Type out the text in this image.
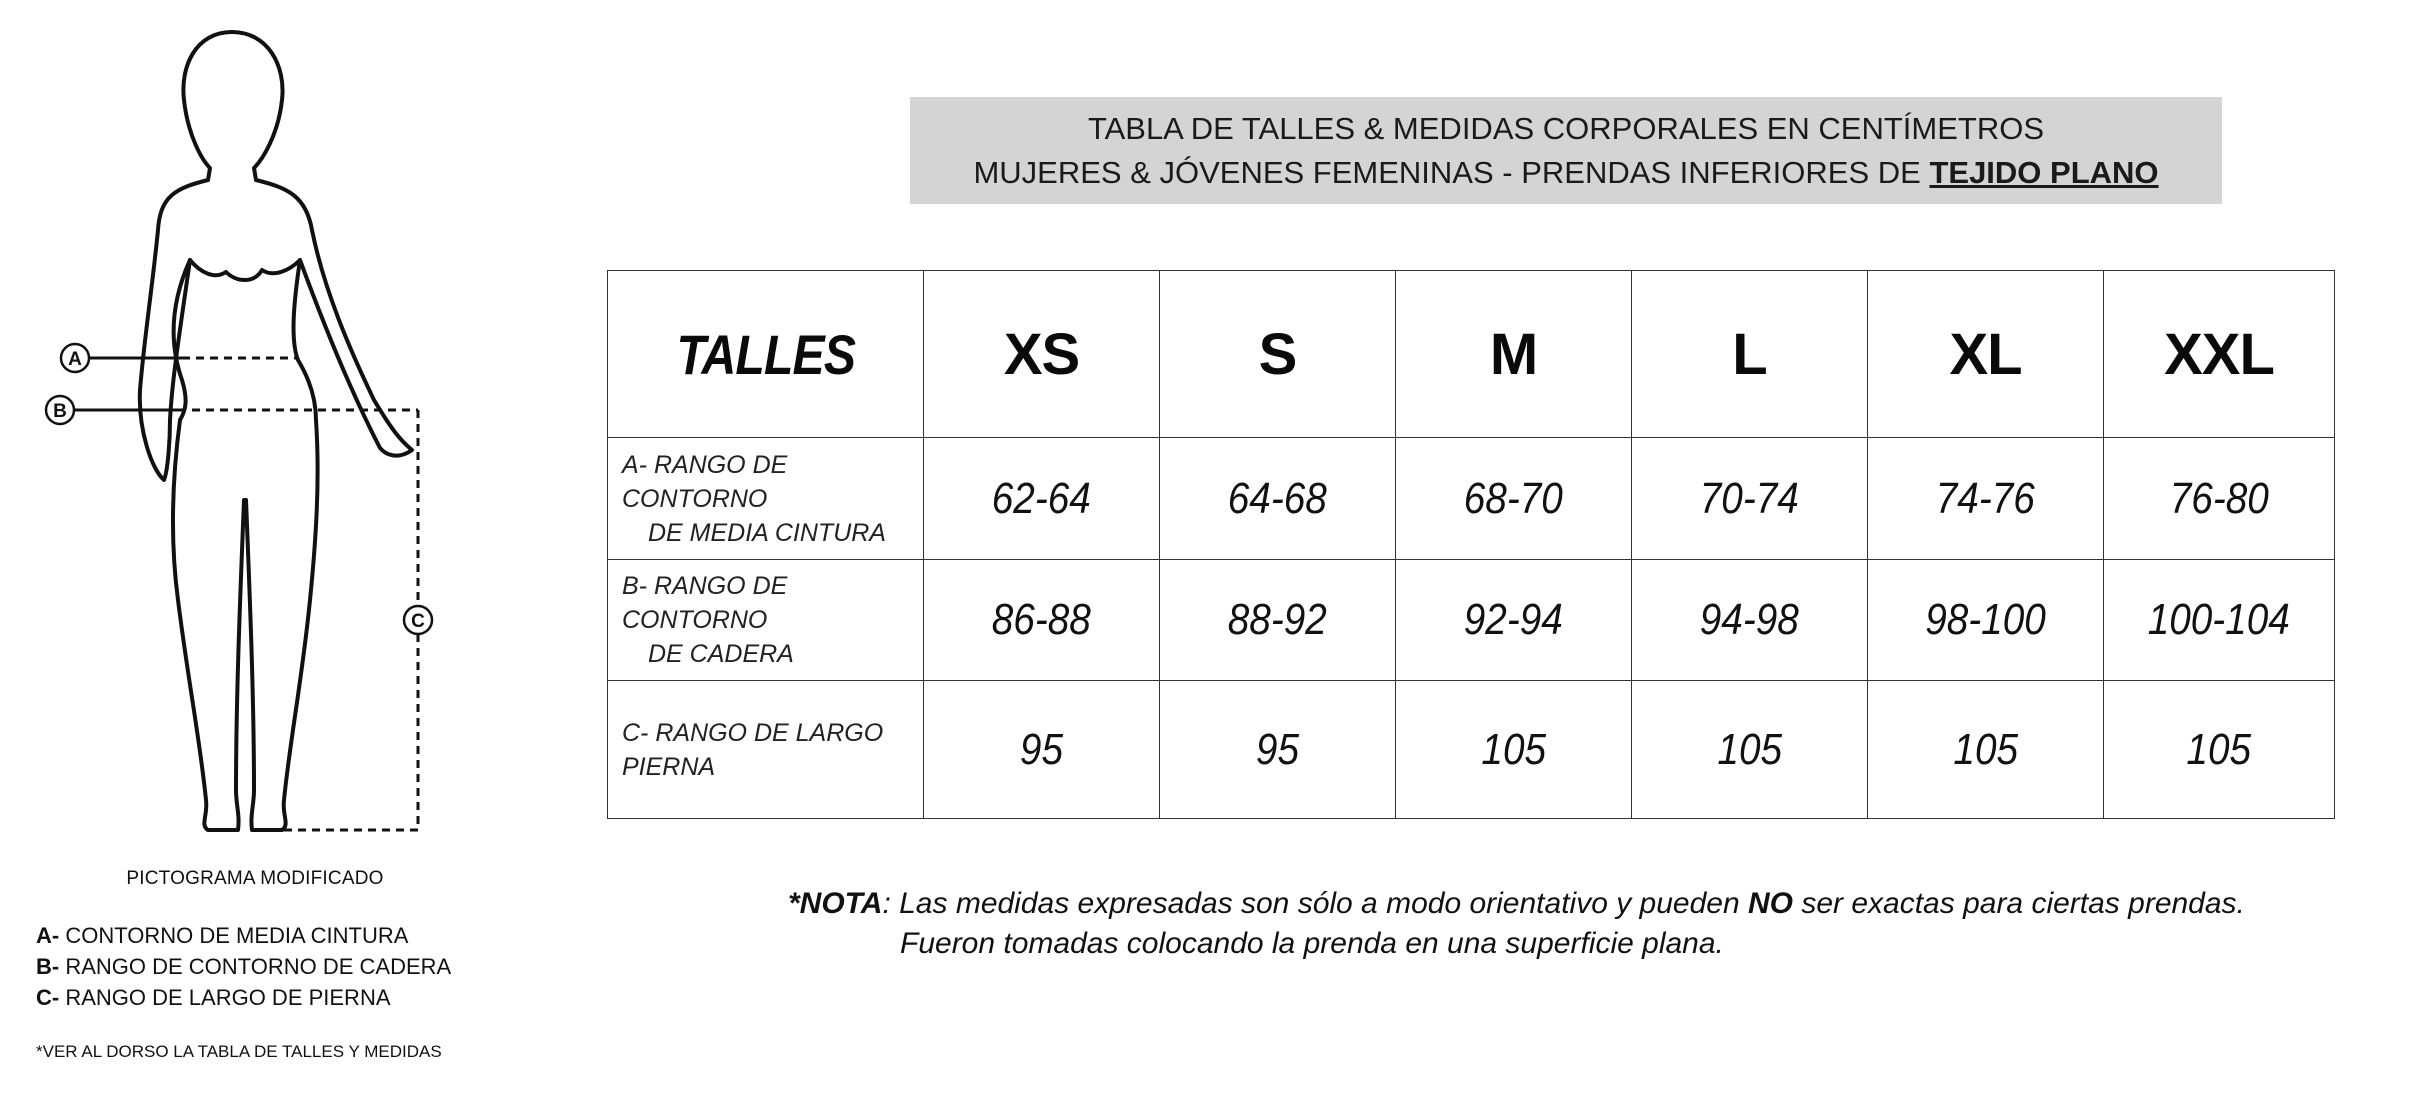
A
B
C
PICTOGRAMA MODIFICADO
A- CONTORNO DE MEDIA CINTURA
B- RANGO DE CONTORNO DE CADERA
C- RANGO DE LARGO DE PIERNA
*VER AL DORSO LA TABLA DE TALLES Y MEDIDAS
TABLA DE TALLES & MEDIDAS CORPORALES EN CENTÍMETROS
MUJERES & JÓVENES FEMENINAS - PRENDAS INFERIORES DE TEJIDO PLANO
TALLES	XS	S	M	L	XL	XXL
A- RANGO DE CONTORNO
DE MEDIA CINTURA	62-64	64-68	68-70	70-74	74-76	76-80
B- RANGO DE CONTORNO
DE CADERA	86-88	88-92	92-94	94-98	98-100	100-104
C- RANGO DE LARGO
PIERNA	95	95	105	105	105	105
*NOTA: Las medidas expresadas son sólo a modo orientativo y pueden NO ser exactas para ciertas prendas.
Fueron tomadas colocando la prenda en una superficie plana.
